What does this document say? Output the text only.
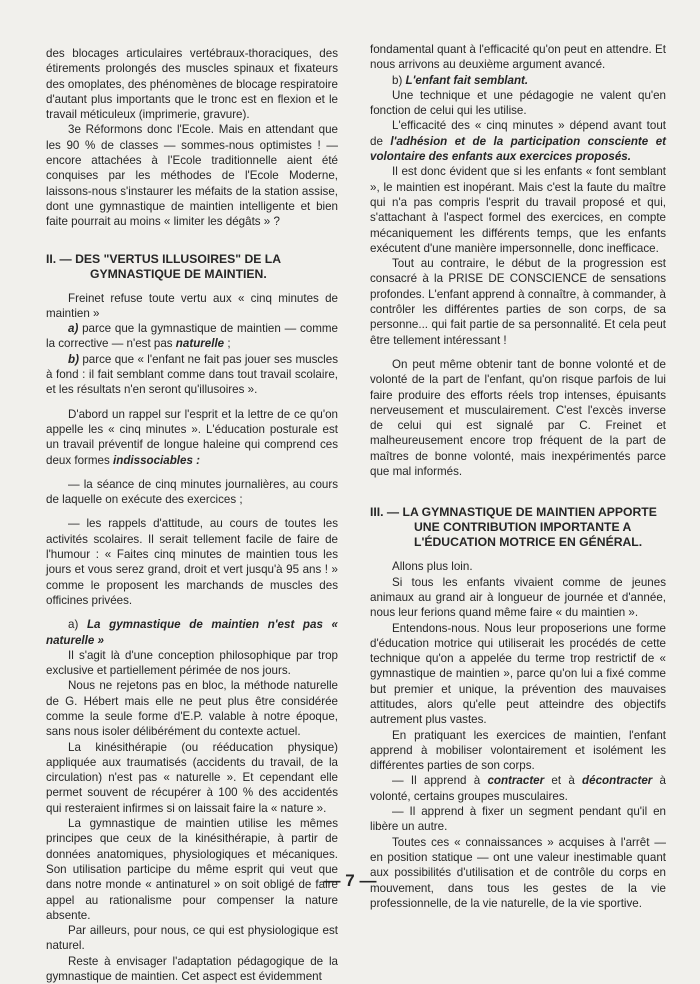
des blocages articulaires vertébraux-thoraciques, des étirements prolongés des muscles spinaux et fixateurs des omoplates, des phénomènes de blocage respiratoire d'autant plus importants que le tronc est en flexion et le travail méticuleux (imprimerie, gravure).

3e Réformons donc l'Ecole. Mais en attendant que les 90 % de classes — sommes-nous optimistes ! — encore attachées à l'Ecole traditionnelle aient été conquises par les méthodes de l'Ecole Moderne, laissons-nous s'instaurer les méfaits de la station assise, dont une gymnastique de maintien intelligente et bien faite pourrait au moins « limiter les dégâts » ?

II. — DES "VERTUS ILLUSOIRES" DE LA GYMNASTIQUE DE MAINTIEN.

Freinet refuse toute vertu aux « cinq minutes de maintien »

a) parce que la gymnastique de maintien — comme la corrective — n'est pas naturelle ;

b) parce que « l'enfant ne fait pas jouer ses muscles à fond : il fait semblant comme dans tout travail scolaire, et les résultats n'en seront qu'illusoires ».

D'abord un rappel sur l'esprit et la lettre de ce qu'on appelle les « cinq minutes ». L'éducation posturale est un travail préventif de longue haleine qui comprend ces deux formes indissociables :

— la séance de cinq minutes journalières, au cours de laquelle on exécute des exercices ;

— les rappels d'attitude, au cours de toutes les activités scolaires. Il serait tellement facile de faire de l'humour : « Faites cinq minutes de maintien tous les jours et vous serez grand, droit et vert jusqu'à 95 ans ! » comme le proposent les marchands de muscles des officines privées.

a) La gymnastique de maintien n'est pas « naturelle »

Il s'agit là d'une conception philosophique par trop exclusive et partiellement périmée de nos jours.

Nous ne rejetons pas en bloc, la méthode naturelle de G. Hébert mais elle ne peut plus être considérée comme la seule forme d'E.P. valable à notre époque, sans nous isoler délibérément du contexte actuel.

La kinésithérapie (ou rééducation physique) appliquée aux traumatisés (accidents du travail, de la circulation) n'est pas « naturelle ». Et cependant elle permet souvent de récupérer à 100 % des accidentés qui resteraient infirmes si on laissait faire la « nature ».

La gymnastique de maintien utilise les mêmes principes que ceux de la kinésithérapie, à partir de données anatomiques, physiologiques et mécaniques. Son utilisation participe du même esprit qui veut que dans notre monde « antinaturel » on soit obligé de faire appel au rationalisme pour compenser la nature absente.

Par ailleurs, pour nous, ce qui est physiologique est naturel.

Reste à envisager l'adaptation pédagogique de la gymnastique de maintien. Cet aspect est évidemment

fondamental quant à l'efficacité qu'on peut en attendre. Et nous arrivons au deuxième argument avancé.

b) L'enfant fait semblant.

Une technique et une pédagogie ne valent qu'en fonction de celui qui les utilise.

L'efficacité des « cinq minutes » dépend avant tout de l'adhésion et de la participation consciente et volontaire des enfants aux exercices proposés.

Il est donc évident que si les enfants « font semblant », le maintien est inopérant. Mais c'est la faute du maître qui n'a pas compris l'esprit du travail proposé et qui, s'attachant à l'aspect formel des exercices, en compte mécaniquement les différents temps, que les enfants exécutent d'une manière impersonnelle, donc inefficace.

Tout au contraire, le début de la progression est consacré à la PRISE DE CONSCIENCE de sensations profondes. L'enfant apprend à connaître, à commander, à contrôler les différentes parties de son corps, de sa personne... qui fait partie de sa personnalité. Et cela peut être tellement intéressant !

On peut même obtenir tant de bonne volonté et de volonté de la part de l'enfant, qu'on risque parfois de lui faire produire des efforts réels trop intenses, épuisants nerveusement et musculairement. C'est l'excès inverse de celui qui est signalé par C. Freinet et malheureusement encore trop fréquent de la part de maîtres de bonne volonté, mais inexpérimentés parce que mal informés.

III. — LA GYMNASTIQUE DE MAINTIEN APPORTE UNE CONTRIBUTION IMPORTANTE A L'ÉDUCATION MOTRICE EN GÉNÉRAL.

Allons plus loin.

Si tous les enfants vivaient comme de jeunes animaux au grand air à longueur de journée et d'année, nous leur ferions quand même faire « du maintien ».

Entendons-nous. Nous leur proposerions une forme d'éducation motrice qui utiliserait les procédés de cette technique qu'on a appelée du terme trop restrictif de « gymnastique de maintien », parce qu'on lui a fixé comme but premier et unique, la prévention des mauvaises attitudes, alors qu'elle peut atteindre des objectifs autrement plus vastes.

En pratiquant les exercices de maintien, l'enfant apprend à mobiliser volontairement et isolément les différentes parties de son corps.

— Il apprend à contracter et à décontracter à volonté, certains groupes musculaires.

— Il apprend à fixer un segment pendant qu'il en libère un autre.

Toutes ces « connaissances » acquises à l'arrêt — en position statique — ont une valeur inestimable quant aux possibilités d'utilisation et de contrôle du corps en mouvement, dans tous les gestes de la vie professionnelle, de la vie naturelle, de la vie sportive.

— 7 —
